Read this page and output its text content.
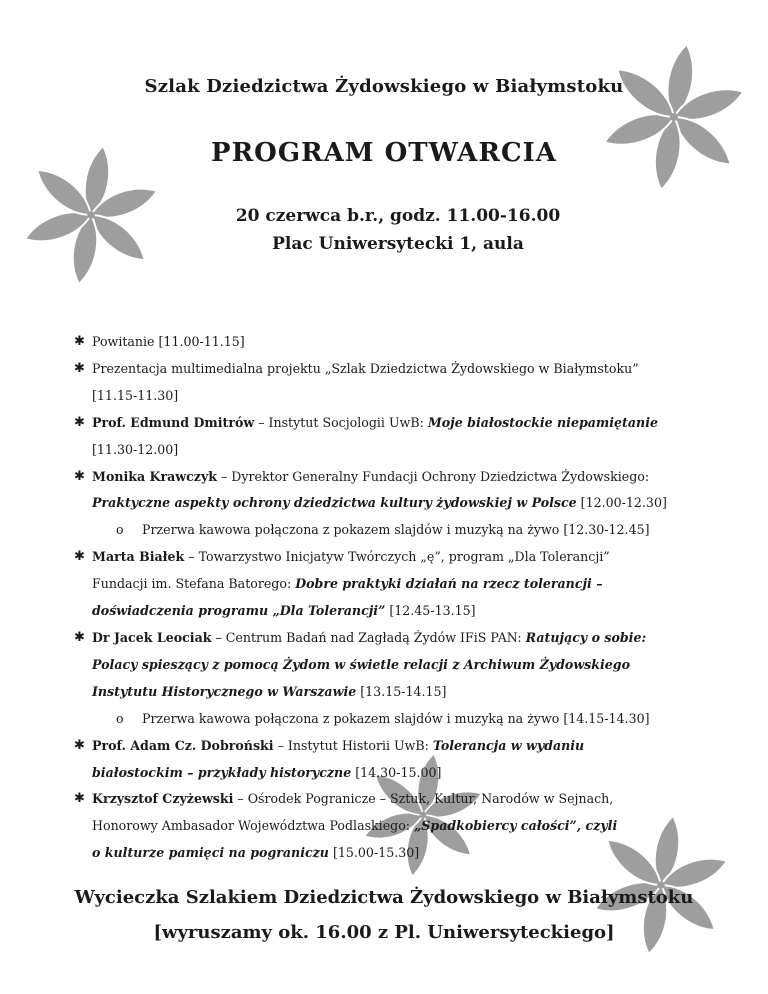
Szlak Dziedzictwa Żydowskiego w Białymstoku
PROGRAM OTWARCIA
20 czerwca b.r., godz. 11.00-16.00
Plac Uniwersytecki 1, aula
✱ Powitanie [11.00-11.15]
✱ Prezentacja multimedialna projektu „Szlak Dziedzictwa Żydowskiego w Białymstoku”
[11.15-11.30]
✱ Prof. Edmund Dmitrów – Instytut Socjologii UwB: Moje białostockie niepamiętanie
[11.30-12.00]
✱ Monika Krawczyk – Dyrektor Generalny Fundacji Ochrony Dziedzictwa Żydowskiego:
Praktyczne aspekty ochrony dziedzictwa kultury żydowskiej w Polsce [12.00-12.30]
o Przerwa kawowa połączona z pokazem slajdów i muzyką na żywo [12.30-12.45]
✱ Marta Białek – Towarzystwo Inicjatyw Twórczych „ę”, program „Dla Tolerancji”
Fundacji im. Stefana Batorego: Dobre praktyki działań na rzecz tolerancji –
doświadczenia programu „Dla Tolerancji” [12.45-13.15]
✱ Dr Jacek Leociak – Centrum Badań nad Zagładą Żydów IFiS PAN: Ratujący o sobie:
Polacy spieszący z pomocą Żydom w świetle relacji z Archiwum Żydowskiego
Instytutu Historycznego w Warszawie [13.15-14.15]
o Przerwa kawowa połączona z pokazem slajdów i muzyką na żywo [14.15-14.30]
✱ Prof. Adam Cz. Dobroński – Instytut Historii UwB: Tolerancja w wydaniu
białostockim – przykłady historyczne [14.30-15.00]
✱ Krzysztof Czyżewski – Ośrodek Pogranicze – Sztuk, Kultur, Narodów w Sejnach,
Honorowy Ambasador Województwa Podlaskiego: „Spadkobiercy całości”, czyli
o kulturze pamięci na pograniczu [15.00-15.30]
Wycieczka Szlakiem Dziedzictwa Żydowskiego w Białymstoku
[wyruszamy ok. 16.00 z Pl. Uniwersyteckiego]
